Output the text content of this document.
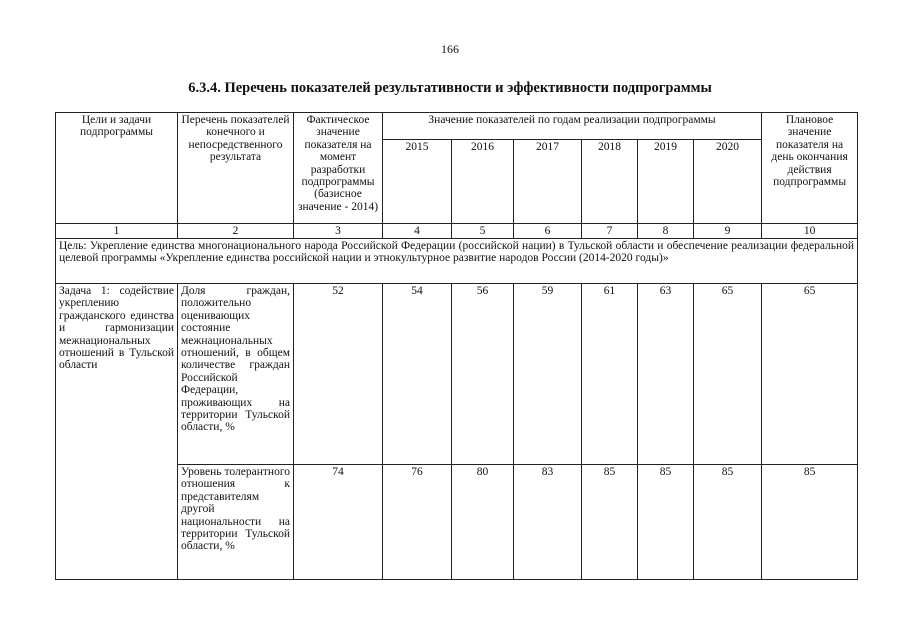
166
6.3.4. Перечень показателей результативности и эффективности подпрограммы
Цели и задачи подпрограммы	Перечень показателей конечного и непосредственного результата	Фактическое значение показателя на момент разработки подпрограммы (базисное значение - 2014)	Значение показателей по годам реализации подпрограммы						Плановое значение показателя на день окончания действия подпрограммы
			2015	2016	2017	2018	2019	2020	
1	2	3	4	5	6	7	8	9	10
Цель: Укрепление единства многонационального народа Российской Федерации (российской нации) в Тульской области и обеспечение реализации федеральной целевой программы «Укрепление единства российской нации и этнокультурное развитие народов России (2014-2020 годы)»									
Задача 1: содействие укреплению гражданского единства и гармонизации межнациональных отношений в Тульской области	Доля граждан, положительно оценивающих состояние межнациональных отношений, в общем количестве граждан Российской Федерации, проживающих на территории Тульской области, %	52	54	56	59	61	63	65	65
	Уровень толерантного отношения к представителям другой национальности на территории Тульской области, %	74	76	80	83	85	85	85	85
